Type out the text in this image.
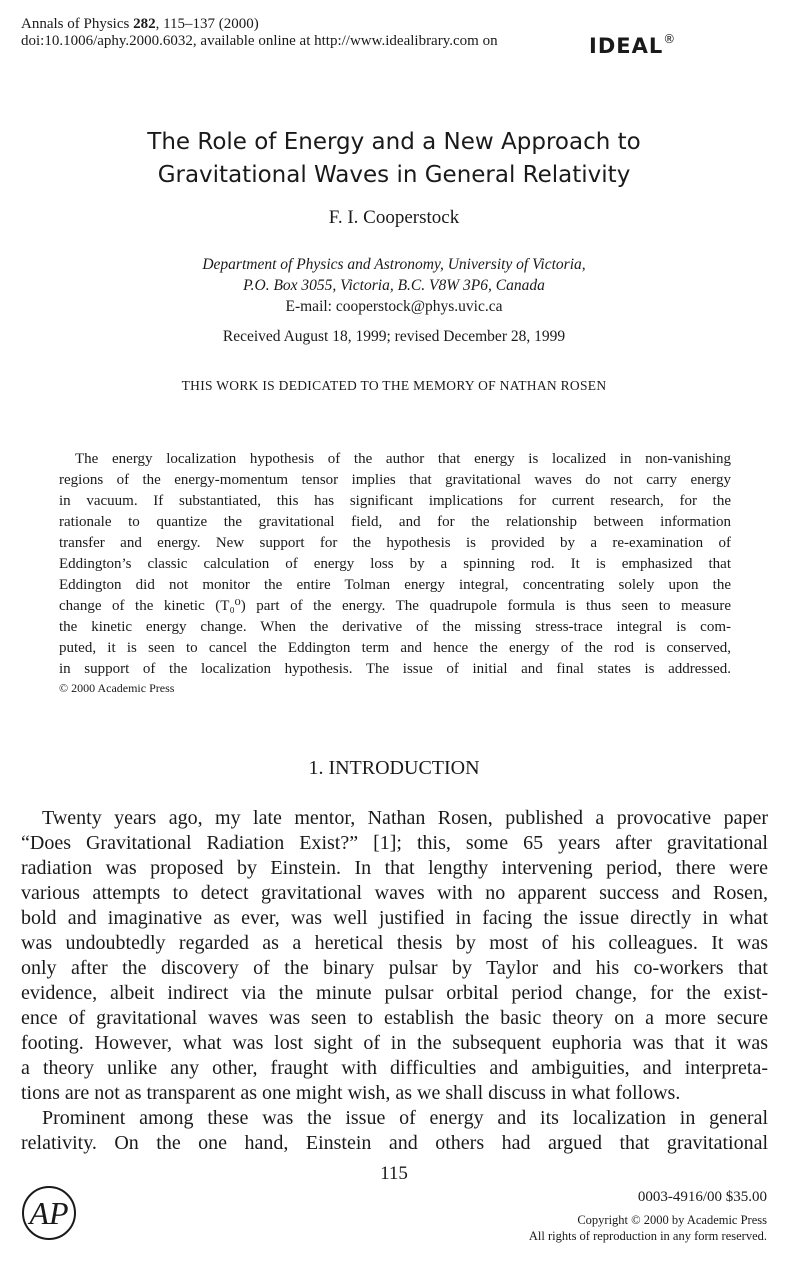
Annals of Physics 282, 115–137 (2000)
doi:10.1006/aphy.2000.6032, available online at http://www.idealibrary.com on	IDEAL®
The Role of Energy and a New Approach to
Gravitational Waves in General Relativity
F. I. Cooperstock
Department of Physics and Astronomy, University of Victoria,
P.O. Box 3055, Victoria, B.C. V8W 3P6, Canada
E-mail: cooperstock@phys.uvic.ca
Received August 18, 1999; revised December 28, 1999
THIS WORK IS DEDICATED TO THE MEMORY OF NATHAN ROSEN
The energy localization hypothesis of the author that energy is localized in non-vanishing
regions of the energy-momentum tensor implies that gravitational waves do not carry energy
in vacuum. If substantiated, this has significant implications for current research, for the
rationale to quantize the gravitational field, and for the relationship between information
transfer and energy. New support for the hypothesis is provided by a re-examination of
Eddington’s classic calculation of energy loss by a spinning rod. It is emphasized that
Eddington did not monitor the entire Tolman energy integral, concentrating solely upon the
change of the kinetic (T₀⁰) part of the energy. The quadrupole formula is thus seen to measure
the kinetic energy change. When the derivative of the missing stress-trace integral is com-
puted, it is seen to cancel the Eddington term and hence the energy of the rod is conserved,
in support of the localization hypothesis. The issue of initial and final states is addressed.
© 2000 Academic Press
1. INTRODUCTION
Twenty years ago, my late mentor, Nathan Rosen, published a provocative paper
“Does Gravitational Radiation Exist?” [1]; this, some 65 years after gravitational
radiation was proposed by Einstein. In that lengthy intervening period, there were
various attempts to detect gravitational waves with no apparent success and Rosen,
bold and imaginative as ever, was well justified in facing the issue directly in what
was undoubtedly regarded as a heretical thesis by most of his colleagues. It was
only after the discovery of the binary pulsar by Taylor and his co-workers that
evidence, albeit indirect via the minute pulsar orbital period change, for the exist-
ence of gravitational waves was seen to establish the basic theory on a more secure
footing. However, what was lost sight of in the subsequent euphoria was that it was
a theory unlike any other, fraught with difficulties and ambiguities, and interpreta-
tions are not as transparent as one might wish, as we shall discuss in what follows.
Prominent among these was the issue of energy and its localization in general
relativity. On the one hand, Einstein and others had argued that gravitational
115
AP	0003-4916/00 $35.00
Copyright © 2000 by Academic Press
All rights of reproduction in any form reserved.
